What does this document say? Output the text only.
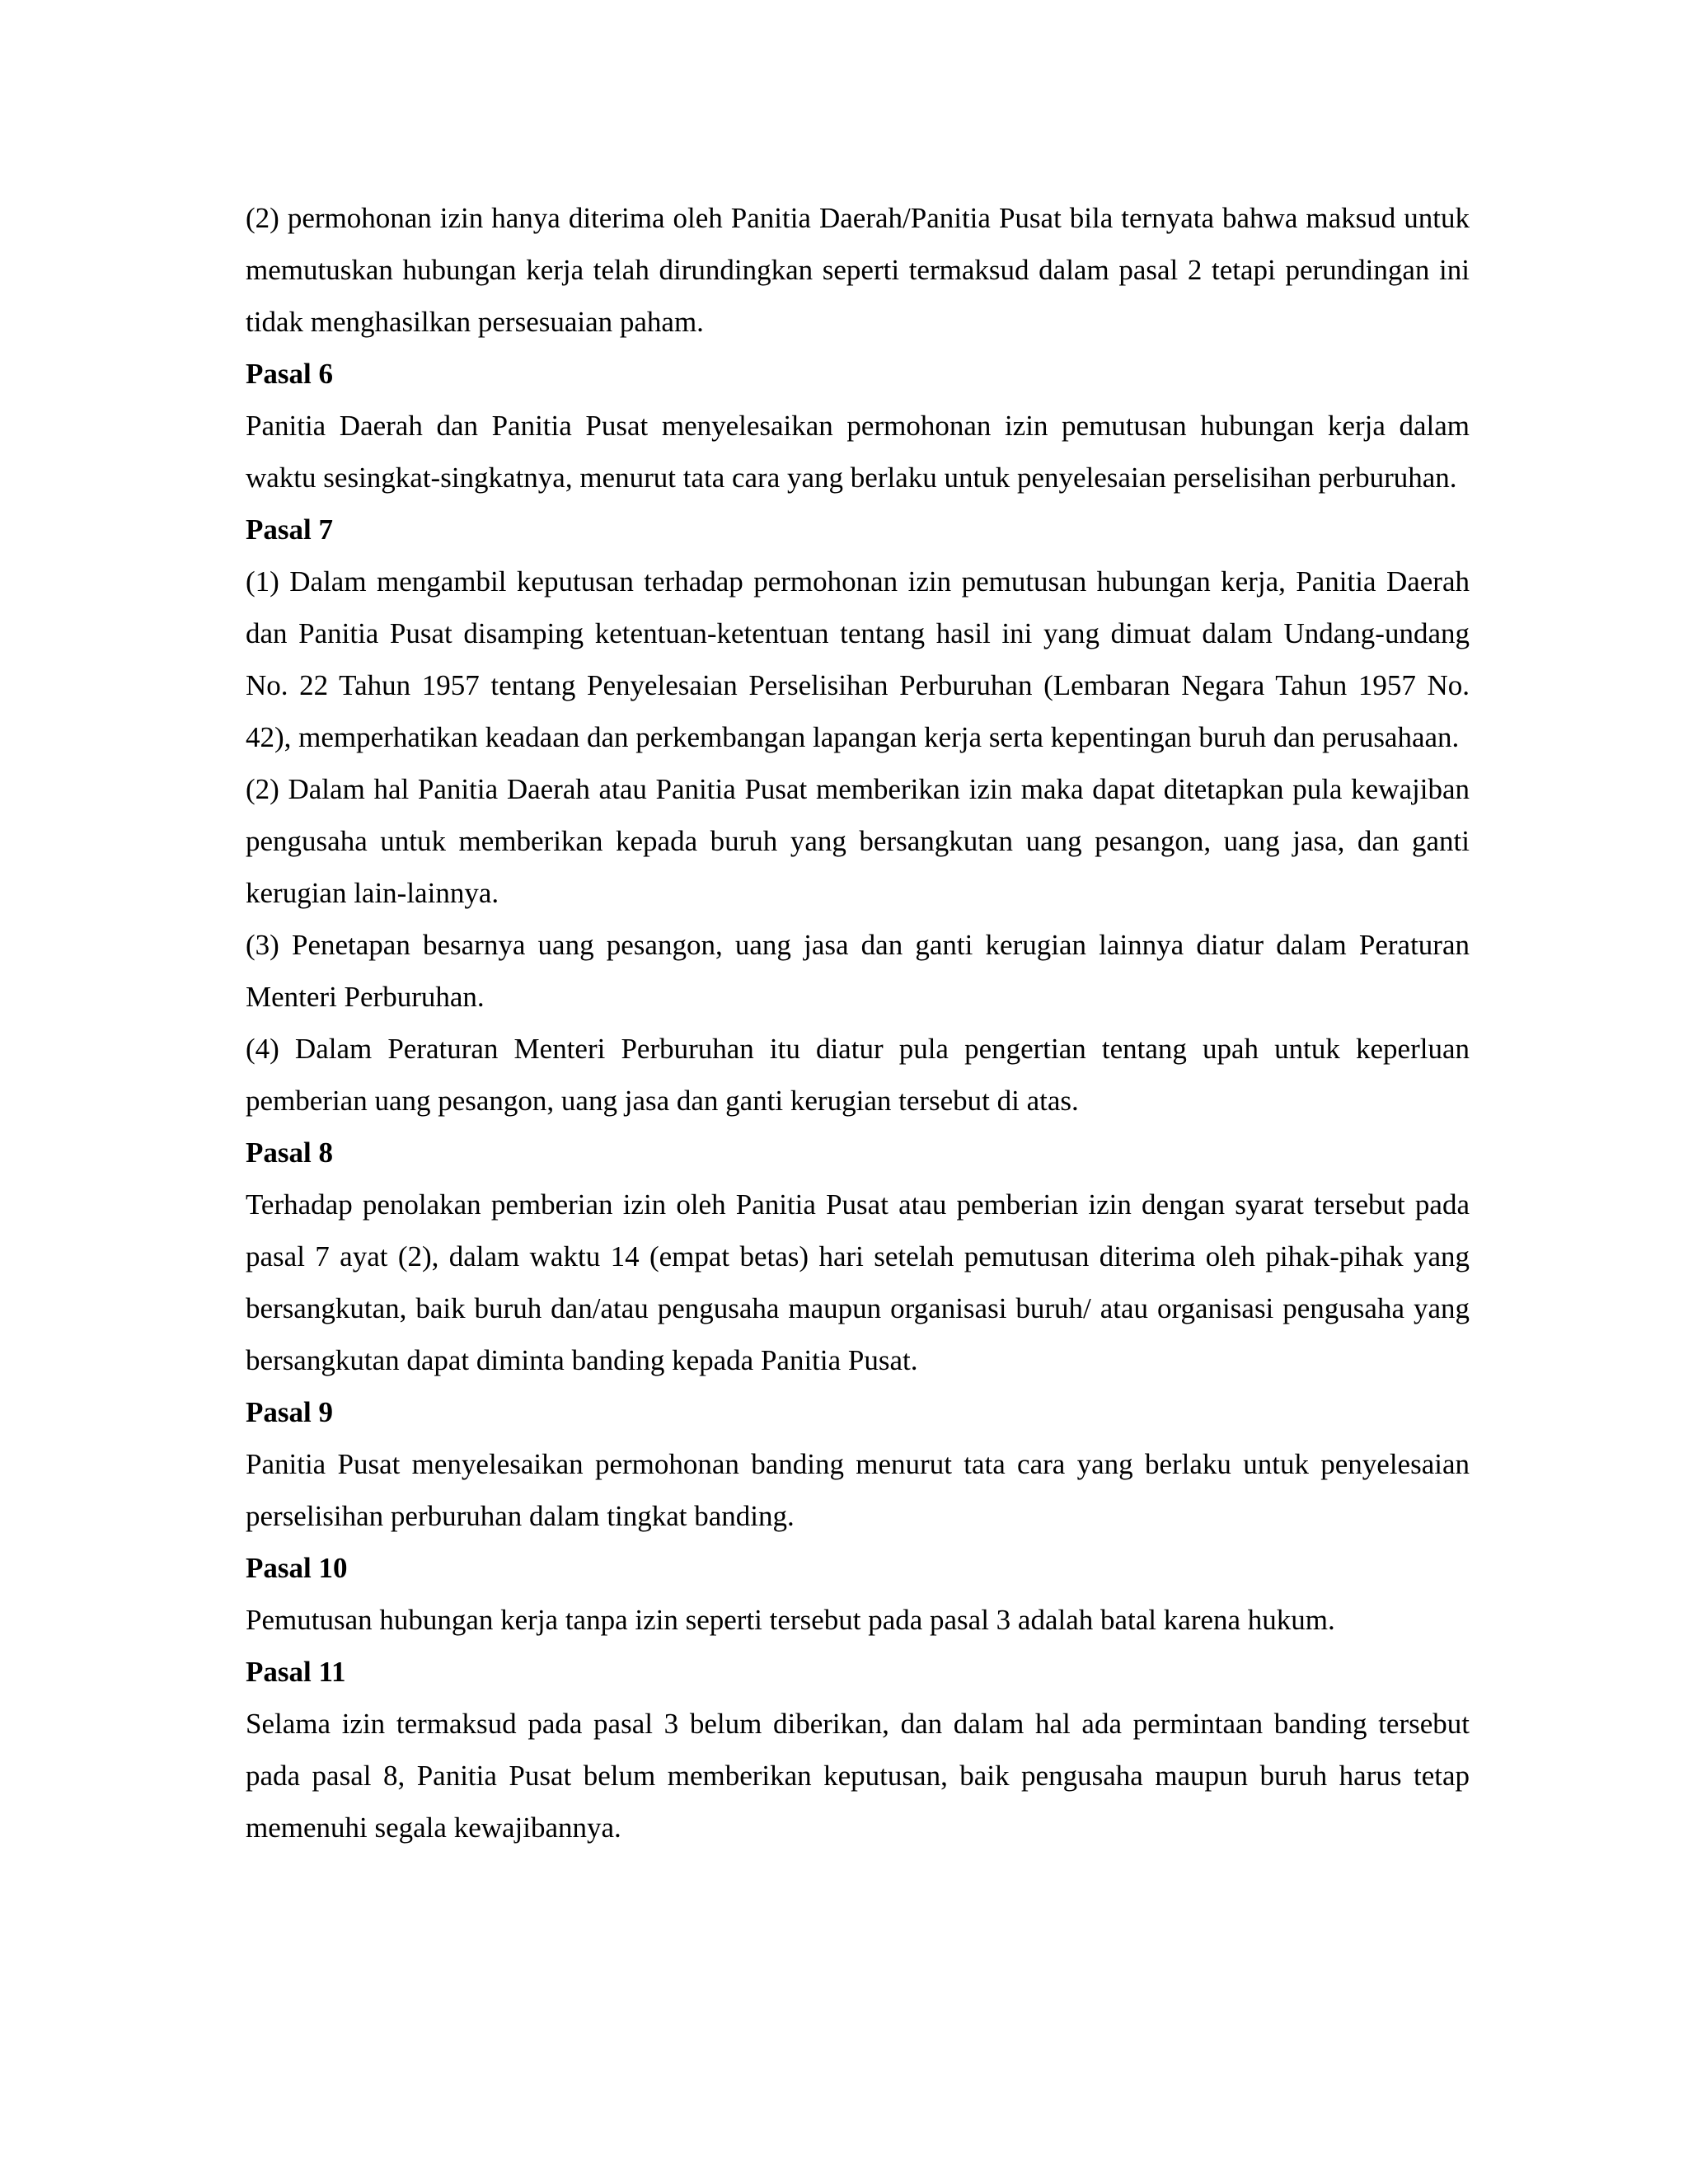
(2) permohonan izin hanya diterima oleh Panitia Daerah/Panitia Pusat bila ternyata bahwa maksud untuk memutuskan hubungan kerja telah dirundingkan seperti termaksud dalam pasal 2 tetapi perundingan ini tidak menghasilkan persesuaian paham.

Pasal 6

Panitia Daerah dan Panitia Pusat menyelesaikan permohonan izin pemutusan hubungan kerja dalam waktu sesingkat-singkatnya, menurut tata cara yang berlaku untuk penyelesaian perselisihan perburuhan.

Pasal 7

(1) Dalam mengambil keputusan terhadap permohonan izin pemutusan hubungan kerja, Panitia Daerah dan Panitia Pusat disamping ketentuan-ketentuan tentang hasil ini yang dimuat dalam Undang-undang No. 22 Tahun 1957 tentang Penyelesaian Perselisihan Perburuhan (Lembaran Negara Tahun 1957 No. 42), memperhatikan keadaan dan perkembangan lapangan kerja serta kepentingan buruh dan perusahaan.

(2) Dalam hal Panitia Daerah atau Panitia Pusat memberikan izin maka dapat ditetapkan pula kewajiban pengusaha untuk memberikan kepada buruh yang bersangkutan uang pesangon, uang jasa, dan ganti kerugian lain-lainnya.

(3) Penetapan besarnya uang pesangon, uang jasa dan ganti kerugian lainnya diatur dalam Peraturan Menteri Perburuhan.

(4) Dalam Peraturan Menteri Perburuhan itu diatur pula pengertian tentang upah untuk keperluan pemberian uang pesangon, uang jasa dan ganti kerugian tersebut di atas.

Pasal 8

Terhadap penolakan pemberian izin oleh Panitia Pusat atau pemberian izin dengan syarat tersebut pada pasal 7 ayat (2), dalam waktu 14 (empat betas) hari setelah pemutusan diterima oleh pihak-pihak yang bersangkutan, baik buruh dan/atau pengusaha maupun organisasi buruh/ atau organisasi pengusaha yang bersangkutan dapat diminta banding kepada Panitia Pusat.

Pasal 9

Panitia Pusat menyelesaikan permohonan banding menurut tata cara yang berlaku untuk penyelesaian perselisihan perburuhan dalam tingkat banding.

Pasal 10

Pemutusan hubungan kerja tanpa izin seperti tersebut pada pasal 3 adalah batal karena hukum.

Pasal 11

Selama izin termaksud pada pasal 3 belum diberikan, dan dalam hal ada permintaan banding tersebut pada pasal 8, Panitia Pusat belum memberikan keputusan, baik pengusaha maupun buruh harus tetap memenuhi segala kewajibannya.
